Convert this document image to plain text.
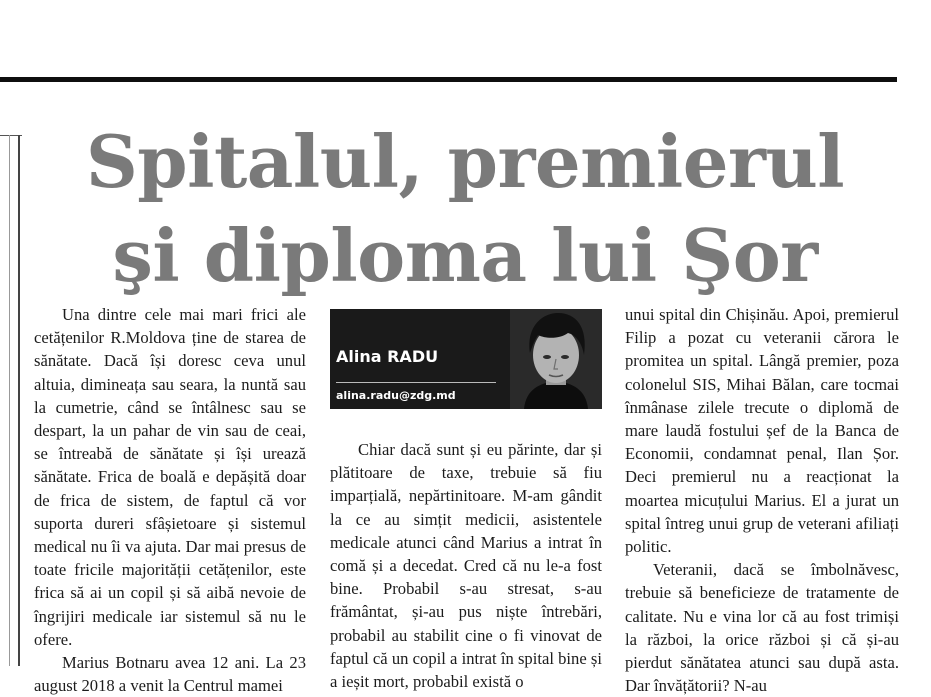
Spitalul, premierul
şi diploma lui Şor

Una dintre cele mai mari frici ale cetățenilor R.Moldova ține de starea de sănătate. Dacă își doresc ceva unul altuia, dimineața sau seara, la nuntă sau la cumetrie, când se întâlnesc sau se despart, la un pahar de vin sau de ceai, se întreabă de sănătate și își urează sănătate. Frica de boală e depășită doar de frica de sistem, de faptul că vor suporta dureri sfâșietoare și sistemul medical nu îi va ajuta. Dar mai presus de toate fricile majorității cetățenilor, este frica să ai un copil și să aibă nevoie de îngrijiri medicale iar sistemul să nu le ofere.

Marius Botnaru avea 12 ani. La 23 august 2018 a venit la Centrul mamei

Alina RADU
alina.radu@zdg.md

Chiar dacă sunt și eu părinte, dar și plătitoare de taxe, trebuie să fiu imparțială, nepărtinitoare. M-am gândit la ce au simțit medicii, asistentele medicale atunci când Marius a intrat în comă și a decedat. Cred că nu le-a fost bine. Probabil s-au stresat, s-au frământat, și-au pus niște întrebări, probabil au stabilit cine o fi vinovat de faptul că un copil a intrat în spital bine și a ieșit mort, probabil există o

unui spital din Chișinău. Apoi, premierul Filip a pozat cu veteranii cărora le promitea un spital. Lângă premier, poza colonelul SIS, Mihai Bălan, care tocmai înmânase zilele trecute o diplomă de mare laudă fostului șef de la Banca de Economii, condamnat penal, Ilan Șor. Deci premierul nu a reacționat la moartea micuțului Marius. El a jurat un spital întreg unui grup de veterani afiliați politic.

Veteranii, dacă se îmbolnăvesc, trebuie să beneficieze de tratamente de calitate. Nu e vina lor că au fost trimiși la război, la orice război și că și-au pierdut sănătatea atunci sau după asta. Dar învățătorii? N-au
